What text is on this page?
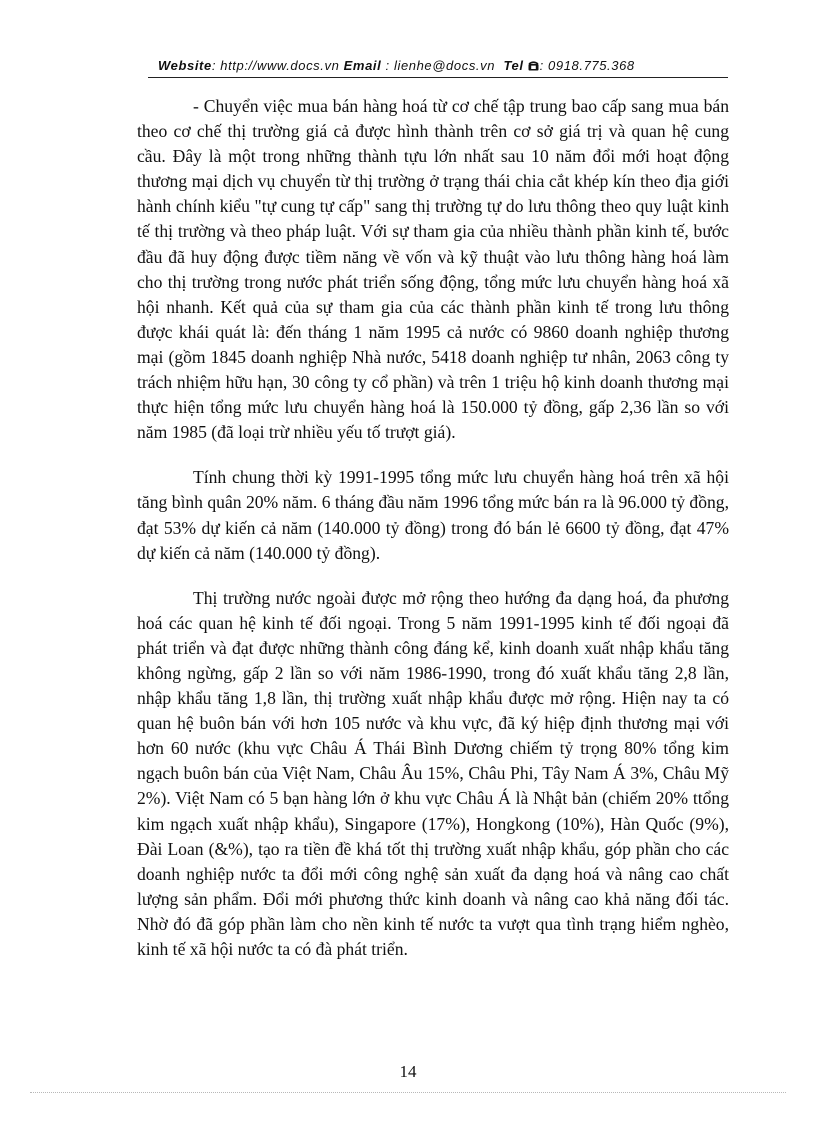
Website: http://www.docs.vn Email : lienhe@docs.vn Tel : 0918.775.368

- Chuyển việc mua bán hàng hoá từ cơ chế tập trung bao cấp sang mua bán theo cơ chế thị trường giá cả được hình thành trên cơ sở giá trị và quan hệ cung cầu. Đây là một trong những thành tựu lớn nhất sau 10 năm đổi mới hoạt động thương mại dịch vụ chuyển từ thị trường ở trạng thái chia cắt khép kín theo địa giới hành chính kiểu "tự cung tự cấp" sang thị trường tự do lưu thông theo quy luật kinh tế thị trường và theo pháp luật. Với sự tham gia của nhiều thành phần kinh tế, bước đầu đã huy động được tiềm năng về vốn và kỹ thuật vào lưu thông hàng hoá làm cho thị trường trong nước phát triển sống động, tổng mức lưu chuyển hàng hoá xã hội nhanh. Kết quả của sự tham gia của các thành phần kinh tế trong lưu thông được khái quát là: đến tháng 1 năm 1995 cả nước có 9860 doanh nghiệp thương mại (gồm 1845 doanh nghiệp Nhà nước, 5418 doanh nghiệp tư nhân, 2063 công ty trách nhiệm hữu hạn, 30 công ty cổ phần) và trên 1 triệu hộ kinh doanh thương mại thực hiện tổng mức lưu chuyển hàng hoá là 150.000 tỷ đồng, gấp 2,36 lần so với năm 1985 (đã loại trừ nhiều yếu tố trượt giá).

Tính chung thời kỳ 1991-1995 tổng mức lưu chuyển hàng hoá trên xã hội tăng bình quân 20% năm. 6 tháng đầu năm 1996 tổng mức bán ra là 96.000 tỷ đồng, đạt 53% dự kiến cả năm (140.000 tỷ đồng) trong đó bán lẻ 6600 tỷ đồng, đạt 47% dự kiến cả năm (140.000 tỷ đồng).

Thị trường nước ngoài được mở rộng theo hướng đa dạng hoá, đa phương hoá các quan hệ kinh tế đối ngoại. Trong 5 năm 1991-1995 kinh tế đối ngoại đã phát triển và đạt được những thành công đáng kể, kinh doanh xuất nhập khẩu tăng không ngừng, gấp 2 lần so với năm 1986-1990, trong đó xuất khẩu tăng 2,8 lần, nhập khẩu tăng 1,8 lần, thị trường xuất nhập khẩu được mở rộng. Hiện nay ta có quan hệ buôn bán với hơn 105 nước và khu vực, đã ký hiệp định thương mại với hơn 60 nước (khu vực Châu Á Thái Bình Dương chiếm tỷ trọng 80% tổng kim ngạch buôn bán của Việt Nam, Châu Âu 15%, Châu Phi, Tây Nam Á 3%, Châu Mỹ 2%). Việt Nam có 5 bạn hàng lớn ở khu vực Châu Á là Nhật bản (chiếm 20% ttổng kim ngạch xuất nhập khẩu), Singapore (17%), Hongkong (10%), Hàn Quốc (9%), Đài Loan (&%), tạo ra tiền đề khá tốt thị trường xuất nhập khẩu, góp phần cho các doanh nghiệp nước ta đổi mới công nghệ sản xuất đa dạng hoá và nâng cao chất lượng sản phẩm. Đổi mới phương thức kinh doanh và nâng cao khả năng đối tác. Nhờ đó đã góp phần làm cho nền kinh tế nước ta vượt qua tình trạng hiểm nghèo, kinh tế xã hội nước ta có đà phát triển.

14
